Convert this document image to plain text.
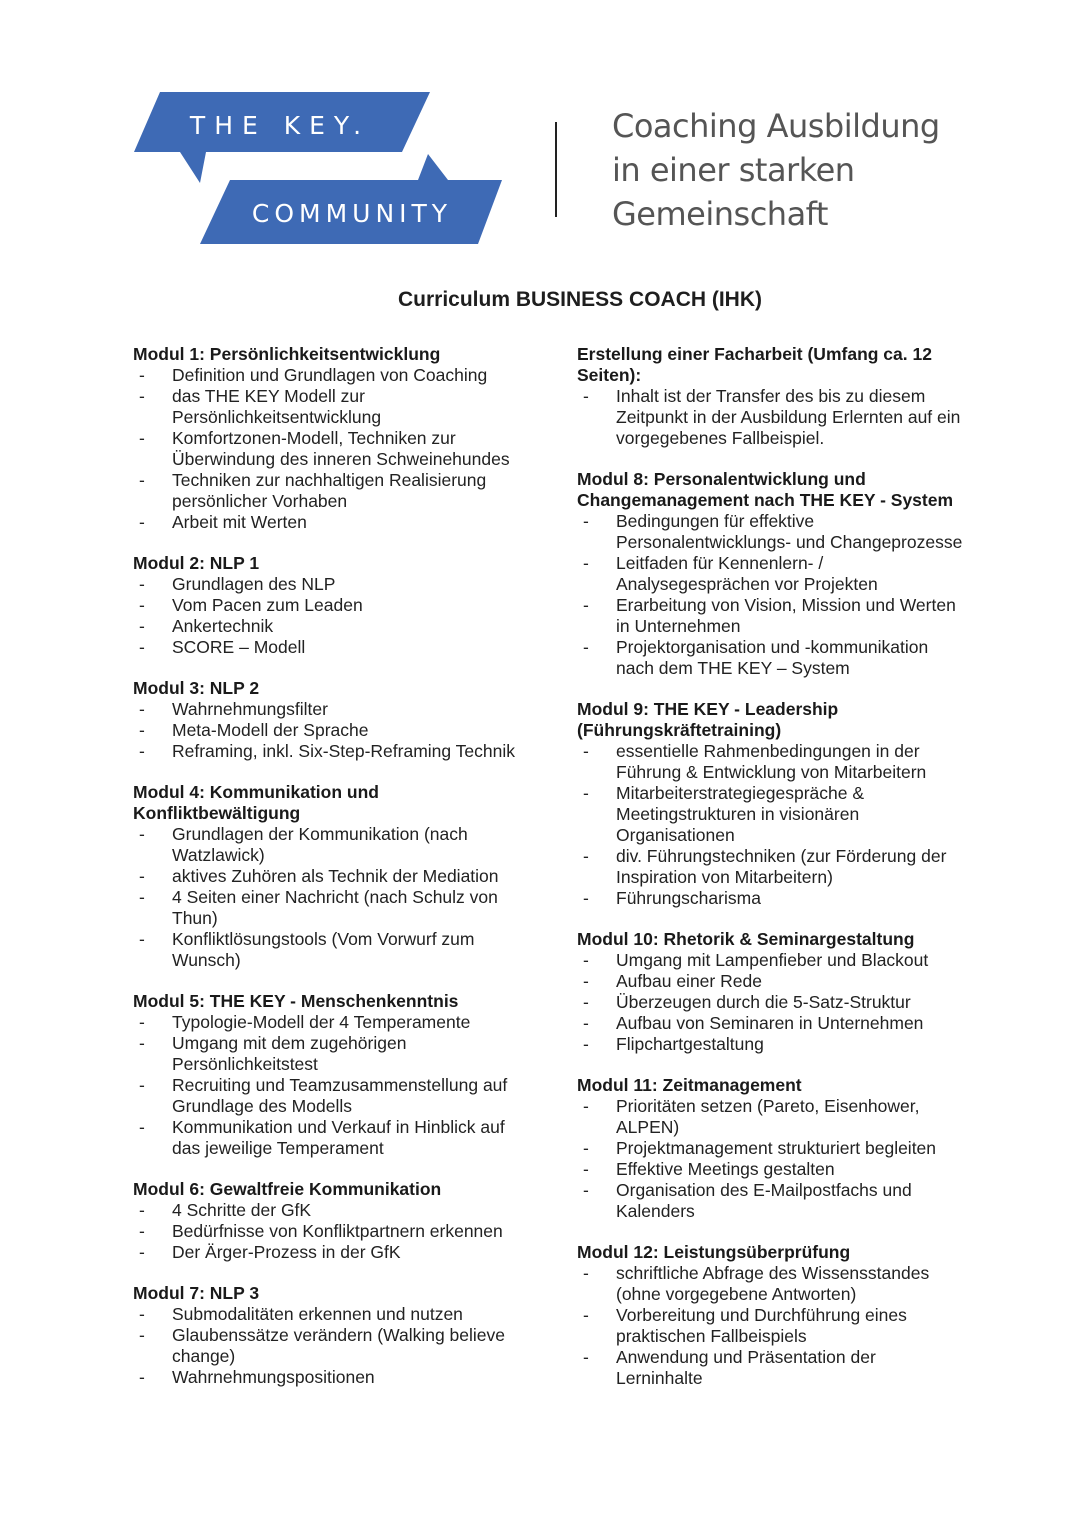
THE KEY.
COMMUNITY
Coaching Ausbildung
in einer starken
Gemeinschaft
Curriculum BUSINESS COACH (IHK)
Modul 1: Persönlichkeitsentwicklung
- Definition und Grundlagen von Coaching
- das THE KEY Modell zur Persönlichkeitsentwicklung
- Komfortzonen-Modell, Techniken zur Überwindung des inneren Schweinehundes
- Techniken zur nachhaltigen Realisierung persönlicher Vorhaben
- Arbeit mit Werten
Modul 2: NLP 1
- Grundlagen des NLP
- Vom Pacen zum Leaden
- Ankertechnik
- SCORE – Modell
Modul 3: NLP 2
- Wahrnehmungsfilter
- Meta-Modell der Sprache
- Reframing, inkl. Six-Step-Reframing Technik
Modul 4: Kommunikation und Konfliktbewältigung
- Grundlagen der Kommunikation (nach Watzlawick)
- aktives Zuhören als Technik der Mediation
- 4 Seiten einer Nachricht (nach Schulz von Thun)
- Konfliktlösungstools (Vom Vorwurf zum Wunsch)
Modul 5: THE KEY - Menschenkenntnis
- Typologie-Modell der 4 Temperamente
- Umgang mit dem zugehörigen Persönlichkeitstest
- Recruiting und Teamzusammenstellung auf Grundlage des Modells
- Kommunikation und Verkauf in Hinblick auf das jeweilige Temperament
Modul 6: Gewaltfreie Kommunikation
- 4 Schritte der GfK
- Bedürfnisse von Konfliktpartnern erkennen
- Der Ärger-Prozess in der GfK
Modul 7: NLP 3
- Submodalitäten erkennen und nutzen
- Glaubenssätze verändern (Walking believe change)
- Wahrnehmungspositionen
Erstellung einer Facharbeit (Umfang ca. 12 Seiten):
- Inhalt ist der Transfer des bis zu diesem Zeitpunkt in der Ausbildung Erlernten auf ein vorgegebenes Fallbeispiel.
Modul 8: Personalentwicklung und Changemanagement nach THE KEY - System
- Bedingungen für effektive Personalentwicklungs- und Changeprozesse
- Leitfaden für Kennenlern- / Analysegesprächen vor Projekten
- Erarbeitung von Vision, Mission und Werten in Unternehmen
- Projektorganisation und -kommunikation nach dem THE KEY – System
Modul 9: THE KEY - Leadership (Führungskräftetraining)
- essentielle Rahmenbedingungen in der Führung & Entwicklung von Mitarbeitern
- Mitarbeiterstrategiegespräche & Meetingstrukturen in visionären Organisationen
- div. Führungstechniken (zur Förderung der Inspiration von Mitarbeitern)
- Führungscharisma
Modul 10: Rhetorik & Seminargestaltung
- Umgang mit Lampenfieber und Blackout
- Aufbau einer Rede
- Überzeugen durch die 5-Satz-Struktur
- Aufbau von Seminaren in Unternehmen
- Flipchartgestaltung
Modul 11: Zeitmanagement
- Prioritäten setzen (Pareto, Eisenhower, ALPEN)
- Projektmanagement strukturiert begleiten
- Effektive Meetings gestalten
- Organisation des E-Mailpostfachs und Kalenders
Modul 12: Leistungsüberprüfung
- schriftliche Abfrage des Wissensstandes (ohne vorgegebene Antworten)
- Vorbereitung und Durchführung eines praktischen Fallbeispiels
- Anwendung und Präsentation der Lerninhalte
